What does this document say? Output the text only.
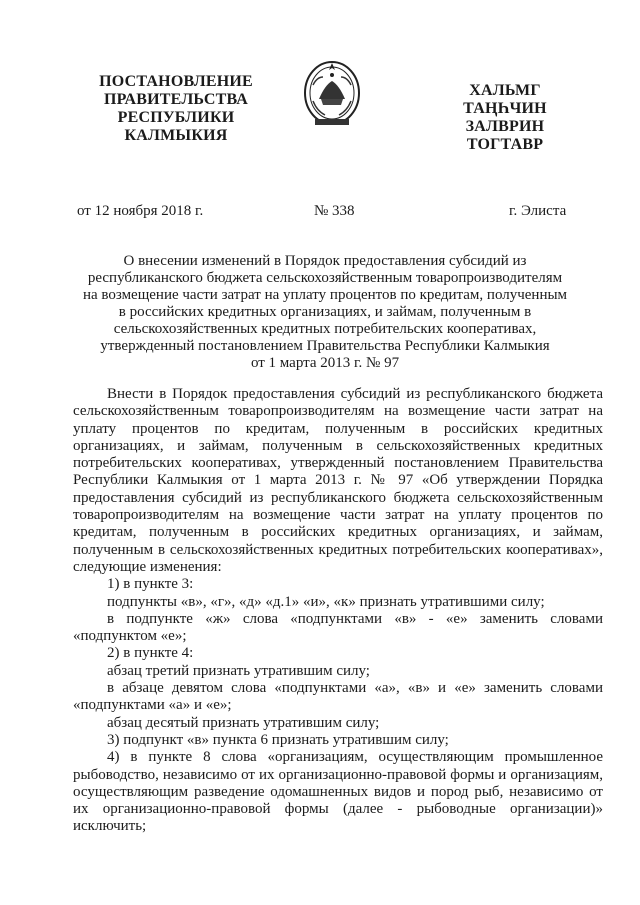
ПОСТАНОВЛЕНИЕ
ПРАВИТЕЛЬСТВА
РЕСПУБЛИКИ
КАЛМЫКИЯ
ХАЛЬМГ
ТАҢҺЧИН
ЗАЛВРИН
ТОГТАВР
от 12 ноября 2018 г.	№ 338	г. Элиста
О внесении изменений в Порядок предоставления субсидий из
республиканского бюджета сельскохозяйственным товаропроизводителям
на возмещение части затрат на уплату процентов по кредитам, полученным
в российских кредитных организациях, и займам, полученным в
сельскохозяйственных кредитных потребительских кооперативах,
утвержденный постановлением Правительства Республики Калмыкия
от 1 марта 2013 г. № 97
Внести в Порядок предоставления субсидий из республиканского бюджета
сельскохозяйственным товаропроизводителям на возмещение части затрат на
уплату процентов по кредитам, полученным в российских кредитных
организациях, и займам, полученным в сельскохозяйственных кредитных
потребительских кооперативах, утвержденный постановлением Правительства
Республики Калмыкия от 1 марта 2013 г. № 97 «Об утверждении Порядка
предоставления субсидий из республиканского бюджета сельскохозяйственным
товаропроизводителям на возмещение части затрат на уплату процентов по
кредитам, полученным в российских кредитных организациях, и займам,
полученным в сельскохозяйственных кредитных потребительских кооперативах»,
следующие изменения:
1) в пункте 3:
подпункты «в», «г», «д» «д.1» «и», «к» признать утратившими силу;
в подпункте «ж» слова «подпунктами «в» - «е» заменить словами
«подпунктом «е»;
2) в пункте 4:
абзац третий признать утратившим силу;
в абзаце девятом слова «подпунктами «а», «в» и «е» заменить словами
«подпунктами «а» и «е»;
абзац десятый признать утратившим силу;
3) подпункт «в» пункта 6 признать утратившим силу;
4) в пункте 8 слова «организациям, осуществляющим промышленное
рыбоводство, независимо от их организационно-правовой формы и организациям,
осуществляющим разведение одомашненных видов и пород рыб, независимо от
их организационно-правовой формы (далее - рыбоводные организации)»
исключить;
